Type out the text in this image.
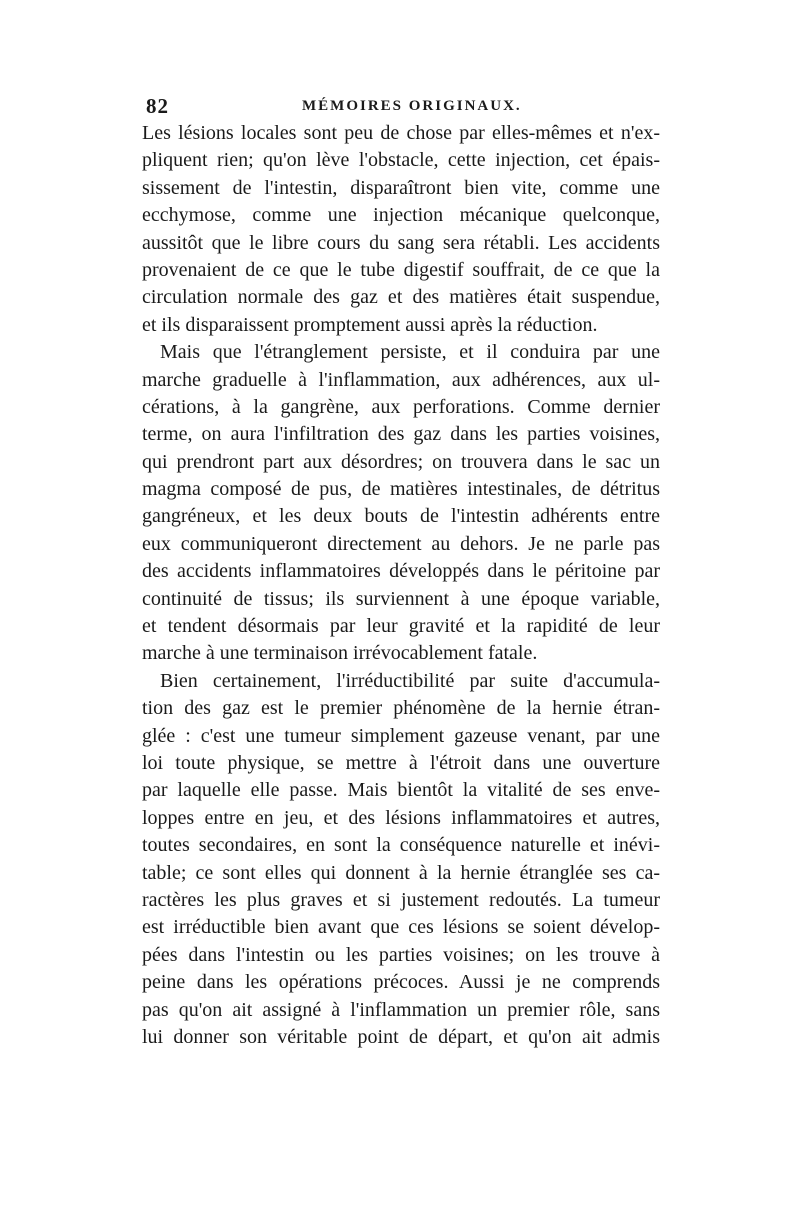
82	MÉMOIRES ORIGINAUX.
Les lésions locales sont peu de chose par elles-mêmes et n'ex-
pliquent rien; qu'on lève l'obstacle, cette injection, cet épais-
sissement de l'intestin, disparaîtront bien vite, comme une
ecchymose, comme une injection mécanique quelconque,
aussitôt que le libre cours du sang sera rétabli. Les accidents
provenaient de ce que le tube digestif souffrait, de ce que la
circulation normale des gaz et des matières était suspendue,
et ils disparaissent promptement aussi après la réduction.
Mais que l'étranglement persiste, et il conduira par une
marche graduelle à l'inflammation, aux adhérences, aux ul-
cérations, à la gangrène, aux perforations. Comme dernier
terme, on aura l'infiltration des gaz dans les parties voisines,
qui prendront part aux désordres; on trouvera dans le sac un
magma composé de pus, de matières intestinales, de détritus
gangréneux, et les deux bouts de l'intestin adhérents entre
eux communiqueront directement au dehors. Je ne parle pas
des accidents inflammatoires développés dans le péritoine par
continuité de tissus; ils surviennent à une époque variable,
et tendent désormais par leur gravité et la rapidité de leur
marche à une terminaison irrévocablement fatale.
Bien certainement, l'irréductibilité par suite d'accumula-
tion des gaz est le premier phénomène de la hernie étran-
glée : c'est une tumeur simplement gazeuse venant, par une
loi toute physique, se mettre à l'étroit dans une ouverture
par laquelle elle passe. Mais bientôt la vitalité de ses enve-
loppes entre en jeu, et des lésions inflammatoires et autres,
toutes secondaires, en sont la conséquence naturelle et inévi-
table; ce sont elles qui donnent à la hernie étranglée ses ca-
ractères les plus graves et si justement redoutés. La tumeur
est irréductible bien avant que ces lésions se soient dévelop-
pées dans l'intestin ou les parties voisines; on les trouve à
peine dans les opérations précoces. Aussi je ne comprends
pas qu'on ait assigné à l'inflammation un premier rôle, sans
lui donner son véritable point de départ, et qu'on ait admis
